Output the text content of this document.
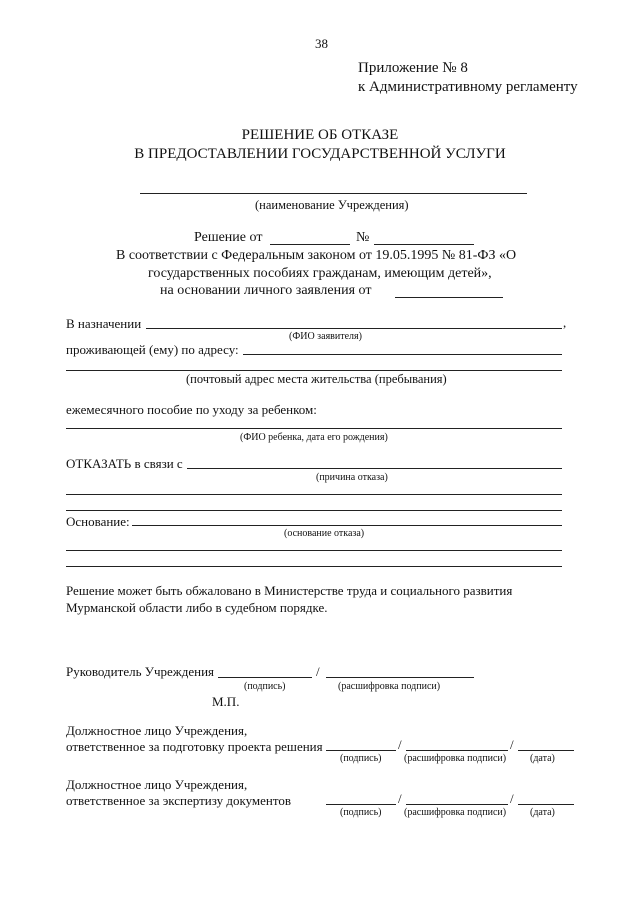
38
Приложение № 8
к Административному регламенту
РЕШЕНИЕ ОБ ОТКАЗЕ
В ПРЕДОСТАВЛЕНИИ ГОСУДАРСТВЕННОЙ УСЛУГИ
(наименование Учреждения)
Решение от	№
В соответствии с Федеральным законом от 19.05.1995 № 81-ФЗ «О
государственных пособиях гражданам, имеющим детей»,
на основании личного заявления от
В назначении	,
(ФИО заявителя)
проживающей (ему) по адресу:
(почтовый адрес места жительства (пребывания)
ежемесячного пособие по уходу за ребенком:
(ФИО ребенка, дата его рождения)
ОТКАЗАТЬ в связи с
(причина отказа)
Основание:
(основание отказа)
Решение может быть обжаловано в Министерстве труда и социального развития
Мурманской области либо в судебном порядке.
Руководитель Учреждения	/
(подпись)	(расшифровка подписи)
М.П.
Должностное лицо Учреждения,
ответственное за подготовку проекта решения	/	/
(подпись) (расшифровка подписи) (дата)
Должностное лицо Учреждения,
ответственное за экспертизу документов	/	/
(подпись) (расшифровка подписи) (дата)
